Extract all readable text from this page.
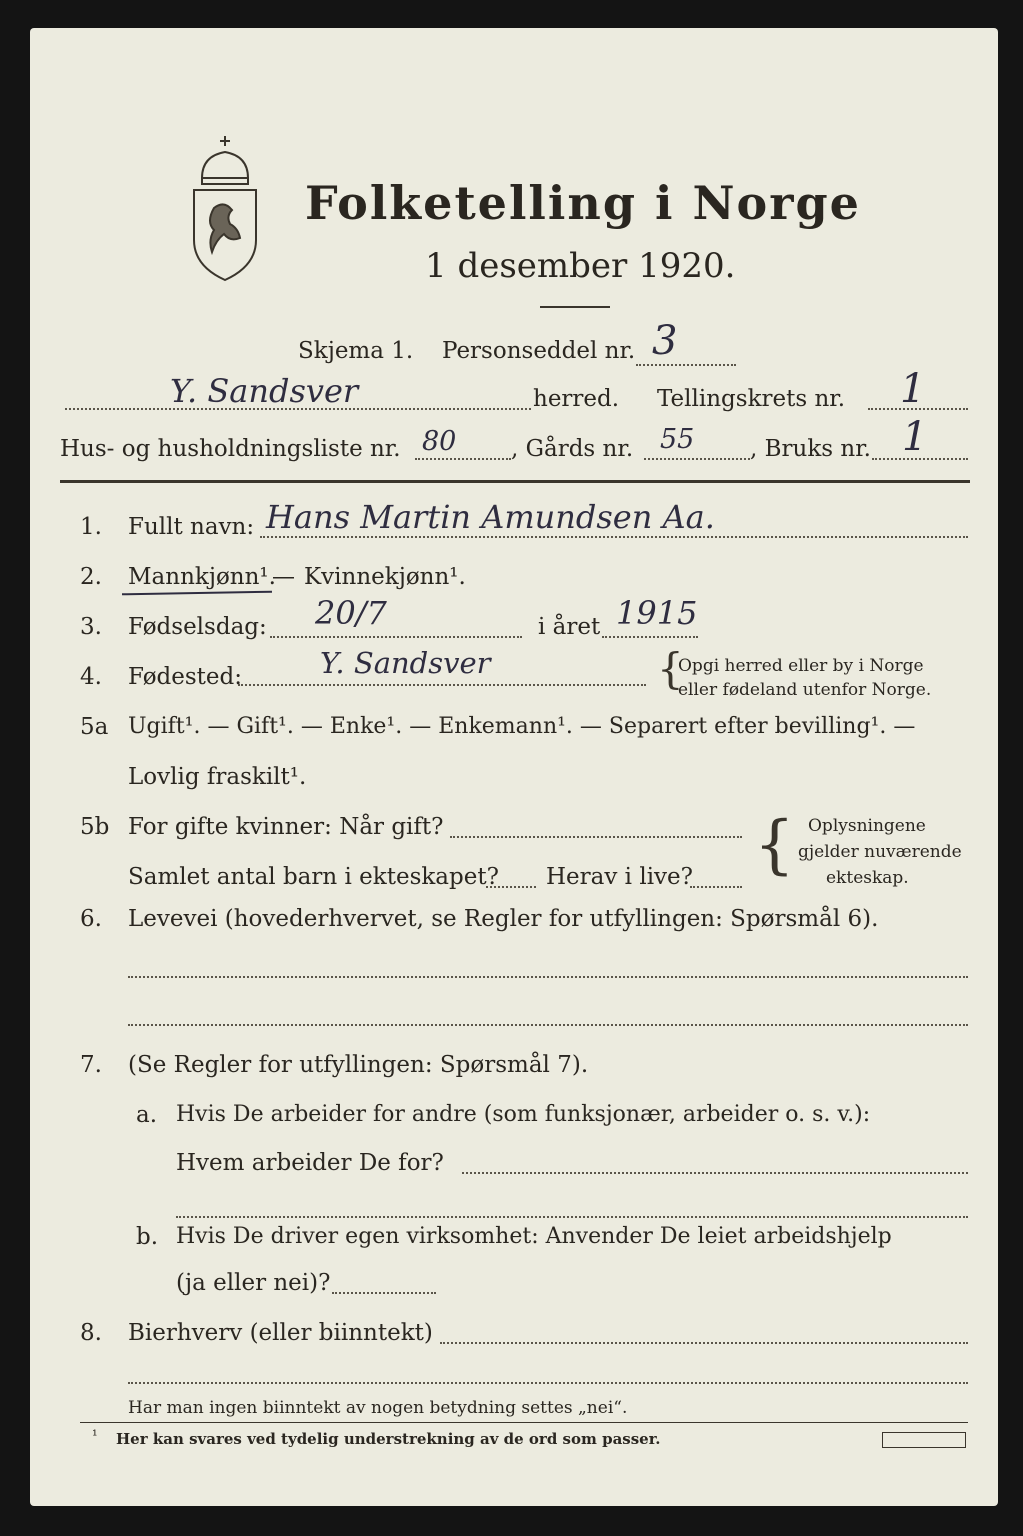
Folketelling i Norge
1 desember 1920.
Skjema 1. Personseddel nr. 3
Y. Sandsver	herred. Tellingskrets nr. 1
Hus- og husholdningsliste nr. 80 , Gårds nr. 55 , Bruks nr. 1
1. Fullt navn: Hans Martin Amundsen Aa.
2. Mannkjønn¹.
— Kvinnekjønn¹.
3. Fødselsdag: 20/7	i året 1915
4. Fødested:	Y. Sandsver	{
Opgi herred eller by i Norge
eller fødeland utenfor Norge.
5a Ugift¹. — Gift¹. — Enke¹. — Enkemann¹. — Separert efter bevilling¹. —
Lovlig fraskilt¹.
5b For gifte kvinner: Når gift?
Samlet antal barn i ekteskapet? Herav i live? { Oplysningene
gjelder nuværende
ekteskap.
6. Levevei (hovederhvervet, se Regler for utfyllingen: Spørsmål 6).
7. (Se Regler for utfyllingen: Spørsmål 7).
a. Hvis De arbeider for andre (som funksjonær, arbeider o. s. v.):
Hvem arbeider De for?
b. Hvis De driver egen virksomhet: Anvender De leiet arbeidshjelp
(ja eller nei)?
8. Bierhverv (eller biinntekt)
Har man ingen biinntekt av nogen betydning settes „nei“.
¹ Her kan svares ved tydelig understrekning av de ord som passer.
